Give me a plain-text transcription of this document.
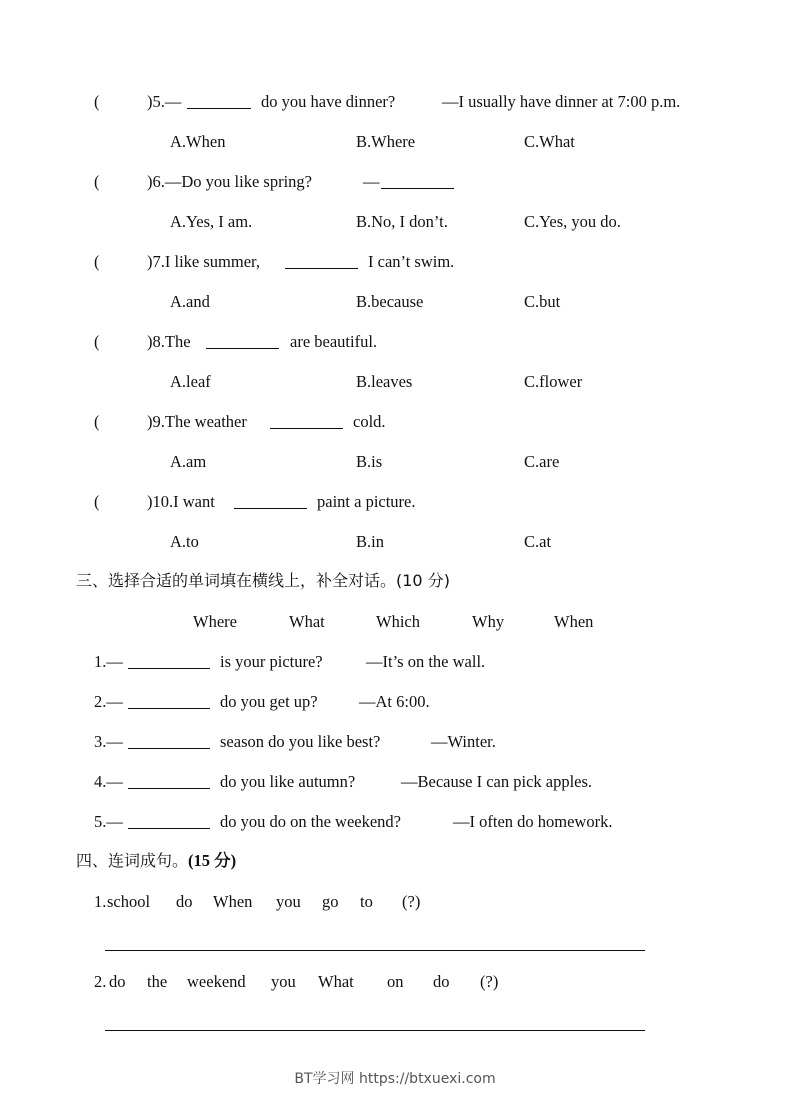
(	)5.—	do you have dinner?	—I usually have dinner at 7:00 p.m.
A.When	B.Where	C.What
(	)6.—Do you like spring?	—
A.Yes, I am.	B.No, I don’t.	C.Yes, you do.
(	)7.I like summer,	I can’t swim.
A.and	B.because	C.but
(	)8.The	are beautiful.
A.leaf	B.leaves	C.flower
(	)9.The weather	cold.
A.am	B.is	C.are
(	)10.I want	paint a picture.
A.to	B.in	C.at
三、选择合适的单词填在横线上，补全对话。(10 分)
Where	What	Which	Why	When
1.—	is your picture?	—It’s on the wall.
2.—	do you get up?	—At 6:00.
3.—	season do you like best?	—Winter.
4.—	do you like autumn?	—Because I can pick apples.
5.—	do you do on the weekend?	—I often do homework.
四、连词成句。(15 分)
1. school do When you go to (?)
2. do the weekend you What on do (?)
BT学习网 https://btxuexi.com
